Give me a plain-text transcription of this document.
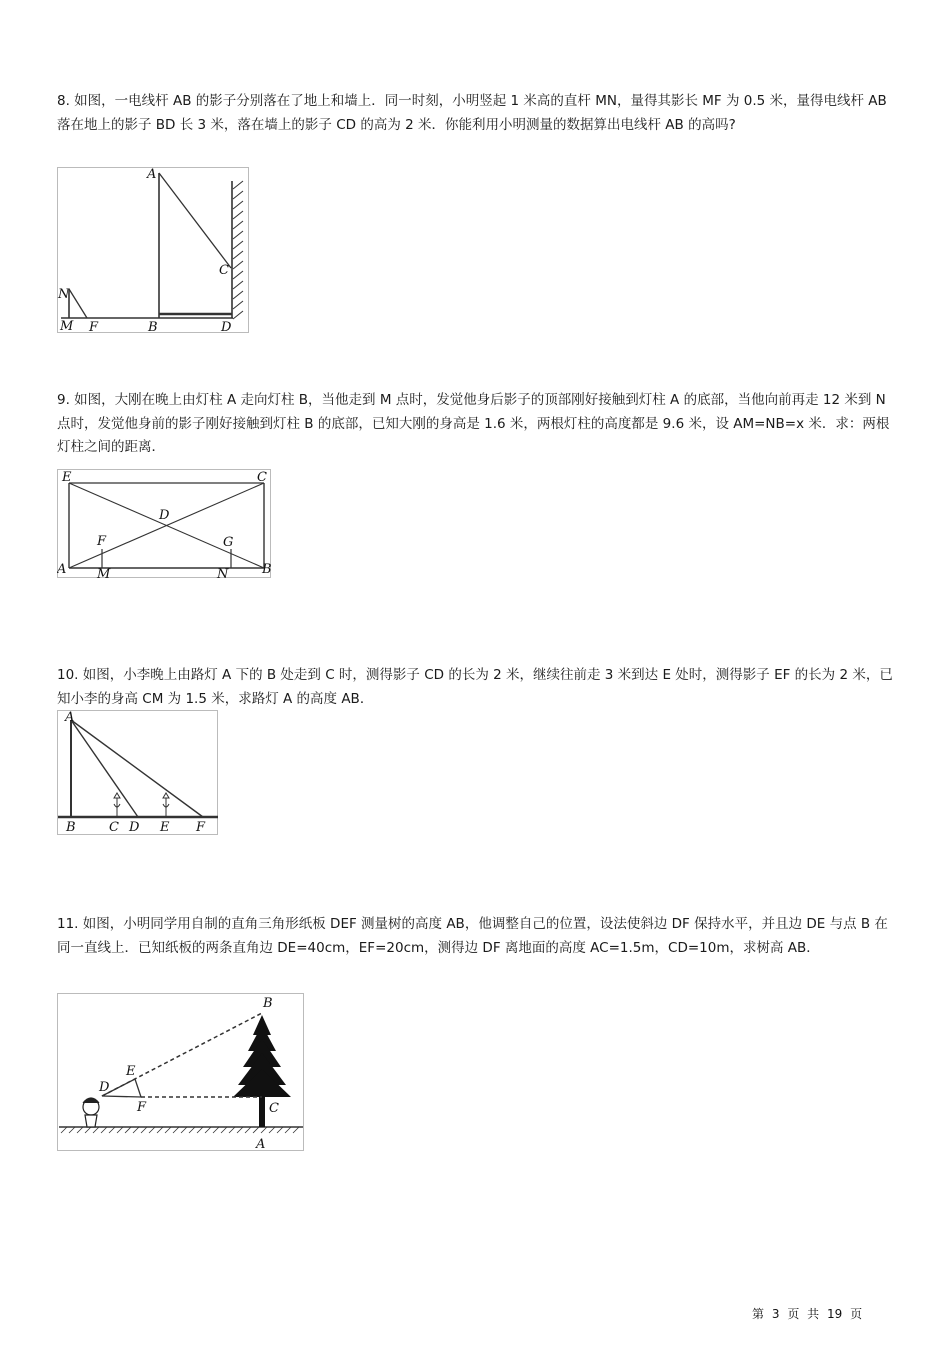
8. 如图，一电线杆 AB 的影子分别落在了地上和墙上．同一时刻，小明竖起 1 米高的直杆 MN，量得其影长 MF 为 0.5 米，量得电线杆 AB 落在地上的影子 BD 长 3 米，落在墙上的影子 CD 的高为 2 米．你能利用小明测量的数据算出电线杆 AB 的高吗?

A
C
N
M F	B	D

9. 如图，大刚在晚上由灯柱 A 走向灯柱 B，当他走到 M 点时，发觉他身后影子的顶部刚好接触到灯柱 A 的底部，当他向前再走 12 米到 N 点时，发觉他身前的影子刚好接触到灯柱 B 的底部，已知大刚的身高是 1.6 米，两根灯柱的高度都是 9.6 米，设 AM=NB=x 米．求：两根灯柱之间的距离．

E	C
D
F	G
A M	N	B

10. 如图，小李晚上由路灯 A 下的 B 处走到 C 时，测得影子 CD 的长为 2 米，继续往前走 3 米到达 E 处时，测得影子 EF 的长为 2 米，已知小李的身高 CM 为 1.5 米，求路灯 A 的高度 AB．

A
B	C D E F

11. 如图，小明同学用自制的直角三角形纸板 DEF 测量树的高度 AB，他调整自己的位置，设法使斜边 DF 保持水平，并且边 DE 与点 B 在同一直线上．已知纸板的两条直角边 DE=40cm，EF=20cm，测得边 DF 离地面的高度 AC=1.5m，CD=10m，求树高 AB．

B
E
D
F	C
A
第 3 页 共 19 页
